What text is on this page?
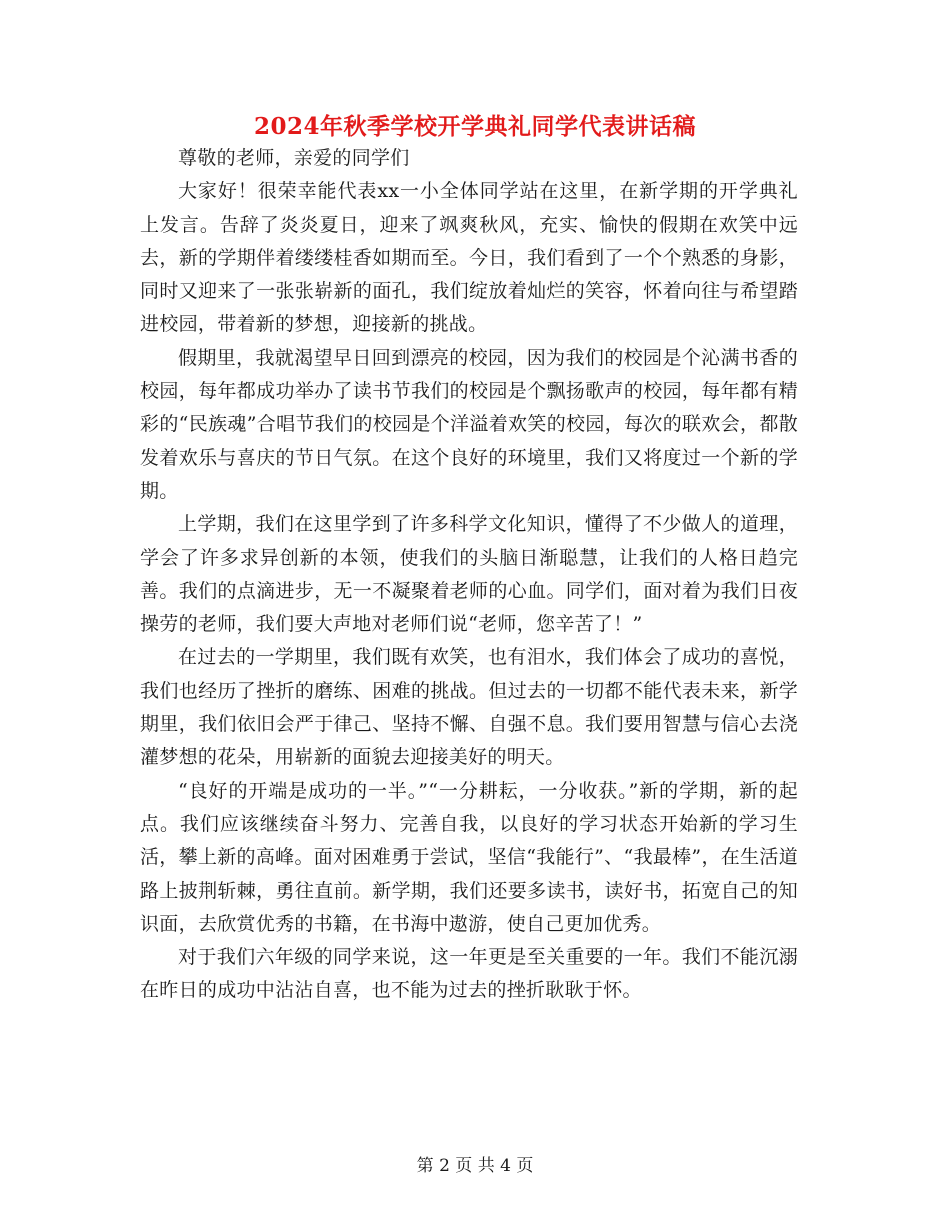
2024年秋季学校开学典礼同学代表讲话稿

尊敬的老师，亲爱的同学们

大家好！很荣幸能代表xx一小全体同学站在这里，在新学期的开学典礼上发言。告辞了炎炎夏日，迎来了飒爽秋风，充实、愉快的假期在欢笑中远去，新的学期伴着缕缕桂香如期而至。今日，我们看到了一个个熟悉的身影，同时又迎来了一张张崭新的面孔，我们绽放着灿烂的笑容，怀着向往与希望踏进校园，带着新的梦想，迎接新的挑战。

假期里，我就渴望早日回到漂亮的校园，因为我们的校园是个沁满书香的校园，每年都成功举办了读书节我们的校园是个飘扬歌声的校园，每年都有精彩的“民族魂”合唱节我们的校园是个洋溢着欢笑的校园，每次的联欢会，都散发着欢乐与喜庆的节日气氛。在这个良好的环境里，我们又将度过一个新的学期。

上学期，我们在这里学到了许多科学文化知识，懂得了不少做人的道理，学会了许多求异创新的本领，使我们的头脑日渐聪慧，让我们的人格日趋完善。我们的点滴进步，无一不凝聚着老师的心血。同学们，面对着为我们日夜操劳的老师，我们要大声地对老师们说“老师，您辛苦了！”

在过去的一学期里，我们既有欢笑，也有泪水，我们体会了成功的喜悦，我们也经历了挫折的磨练、困难的挑战。但过去的一切都不能代表未来，新学期里，我们依旧会严于律己、坚持不懈、自强不息。我们要用智慧与信心去浇灌梦想的花朵，用崭新的面貌去迎接美好的明天。

“良好的开端是成功的一半。”“一分耕耘，一分收获。”新的学期，新的起点。我们应该继续奋斗努力、完善自我，以良好的学习状态开始新的学习生活，攀上新的高峰。面对困难勇于尝试，坚信“我能行”、“我最棒”，在生活道路上披荆斩棘，勇往直前。新学期，我们还要多读书，读好书，拓宽自己的知识面，去欣赏优秀的书籍，在书海中遨游，使自己更加优秀。

对于我们六年级的同学来说，这一年更是至关重要的一年。我们不能沉溺在昨日的成功中沾沾自喜，也不能为过去的挫折耿耿于怀。

第 2 页 共 4 页
